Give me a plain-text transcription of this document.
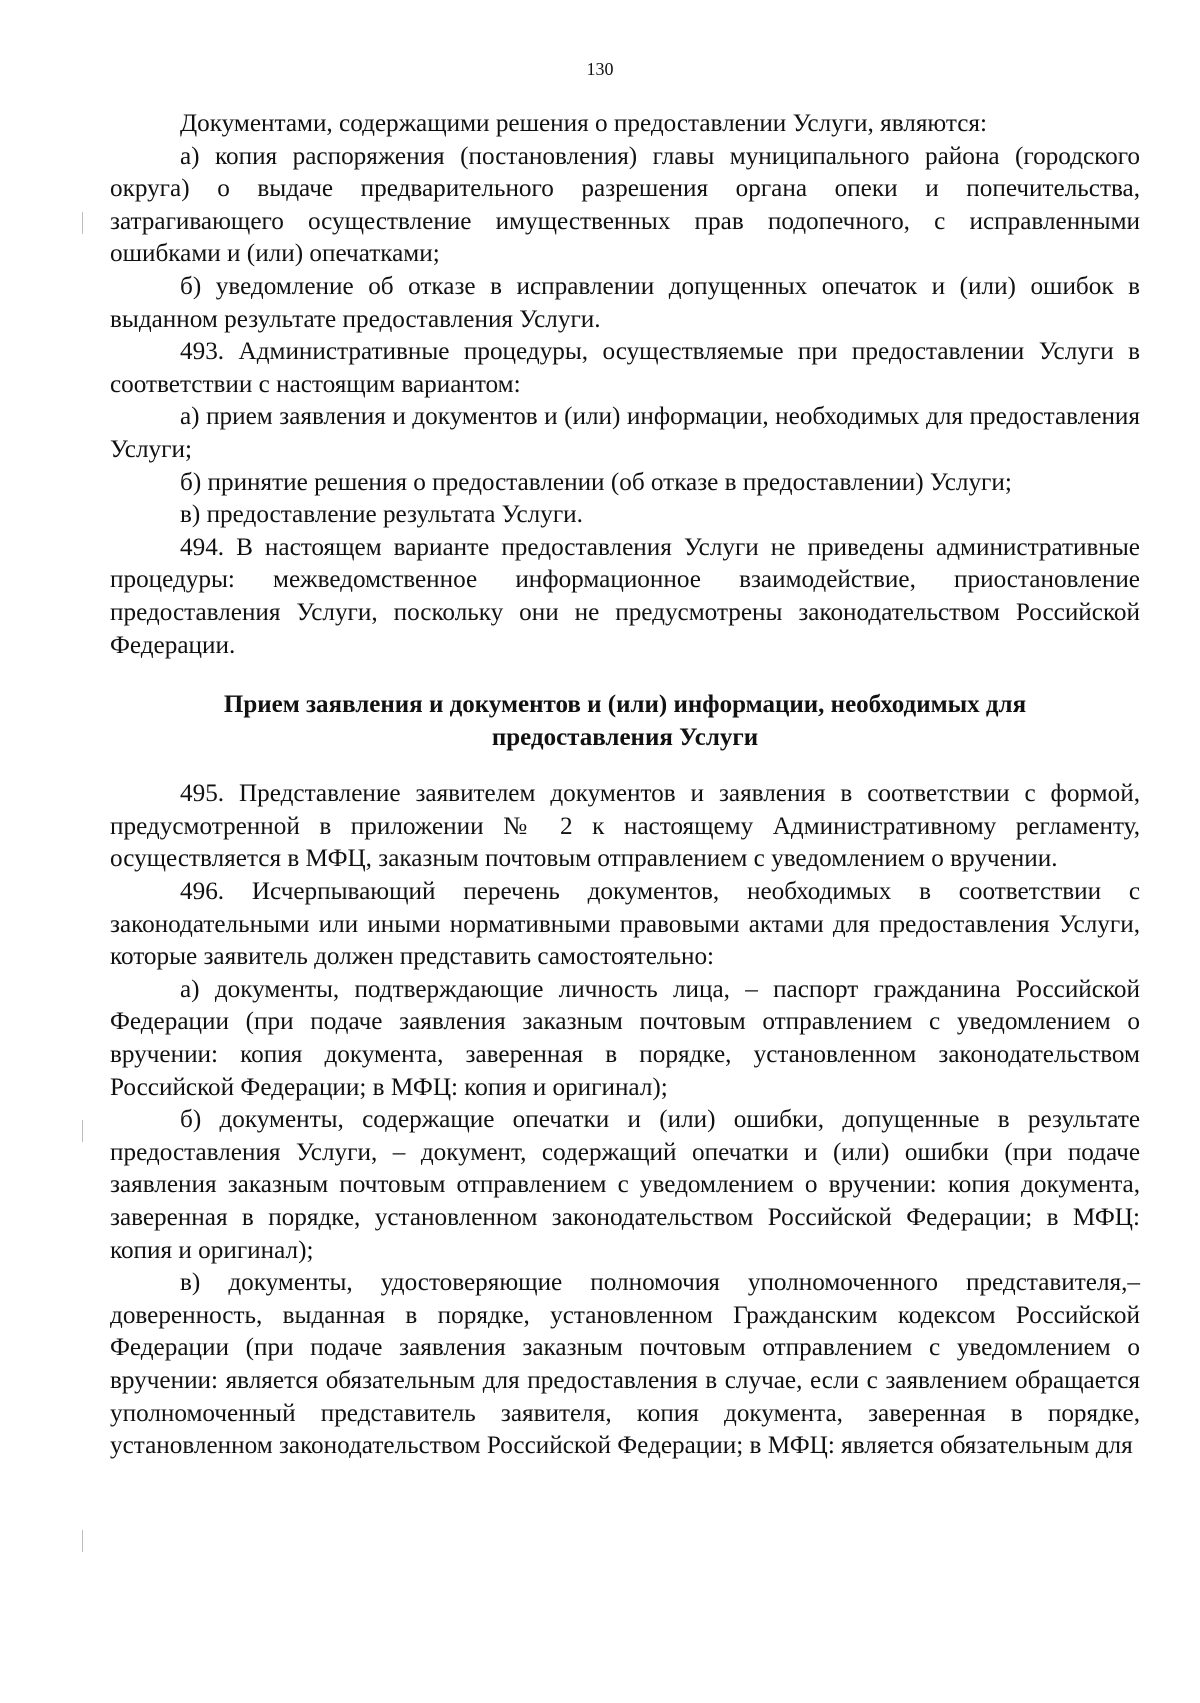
130

Документами, содержащими решения о предоставлении Услуги, являются:

а) копия распоряжения (постановления) главы муниципального района (городского округа) о выдаче предварительного разрешения органа опеки и попечительства, затрагивающего осуществление имущественных прав подопечного, с исправленными ошибками и (или) опечатками;

б) уведомление об отказе в исправлении допущенных опечаток и (или) ошибок в выданном результате предоставления Услуги.

493. Административные процедуры, осуществляемые при предоставлении Услуги в соответствии с настоящим вариантом:

а) прием заявления и документов и (или) информации, необходимых для предоставления Услуги;

б) принятие решения о предоставлении (об отказе в предоставлении) Услуги;

в) предоставление результата Услуги.

494. В настоящем варианте предоставления Услуги не приведены административные процедуры: межведомственное информационное взаимодействие, приостановление предоставления Услуги, поскольку они не предусмотрены законодательством Российской Федерации.

Прием заявления и документов и (или) информации, необходимых для
предоставления Услуги

495. Представление заявителем документов и заявления в соответствии с формой, предусмотренной в приложении № 2 к настоящему Административному регламенту, осуществляется в МФЦ, заказным почтовым отправлением с уведомлением о вручении.

496. Исчерпывающий перечень документов, необходимых в соответствии с законодательными или иными нормативными правовыми актами для предоставления Услуги, которые заявитель должен представить самостоятельно:

а) документы, подтверждающие личность лица, – паспорт гражданина Российской Федерации (при подаче заявления заказным почтовым отправлением с уведомлением о вручении: копия документа, заверенная в порядке, установленном законодательством Российской Федерации; в МФЦ: копия и оригинал);

б) документы, содержащие опечатки и (или) ошибки, допущенные в результате предоставления Услуги, – документ, содержащий опечатки и (или) ошибки (при подаче заявления заказным почтовым отправлением с уведомлением о вручении: копия документа, заверенная в порядке, установленном законодательством Российской Федерации; в МФЦ: копия и оригинал);

в) документы, удостоверяющие полномочия уполномоченного представителя,– доверенность, выданная в порядке, установленном Гражданским кодексом Российской Федерации (при подаче заявления заказным почтовым отправлением с уведомлением о вручении: является обязательным для предоставления в случае, если с заявлением обращается уполномоченный представитель заявителя, копия документа, заверенная в порядке, установленном законодательством Российской Федерации; в МФЦ: является обязательным для
